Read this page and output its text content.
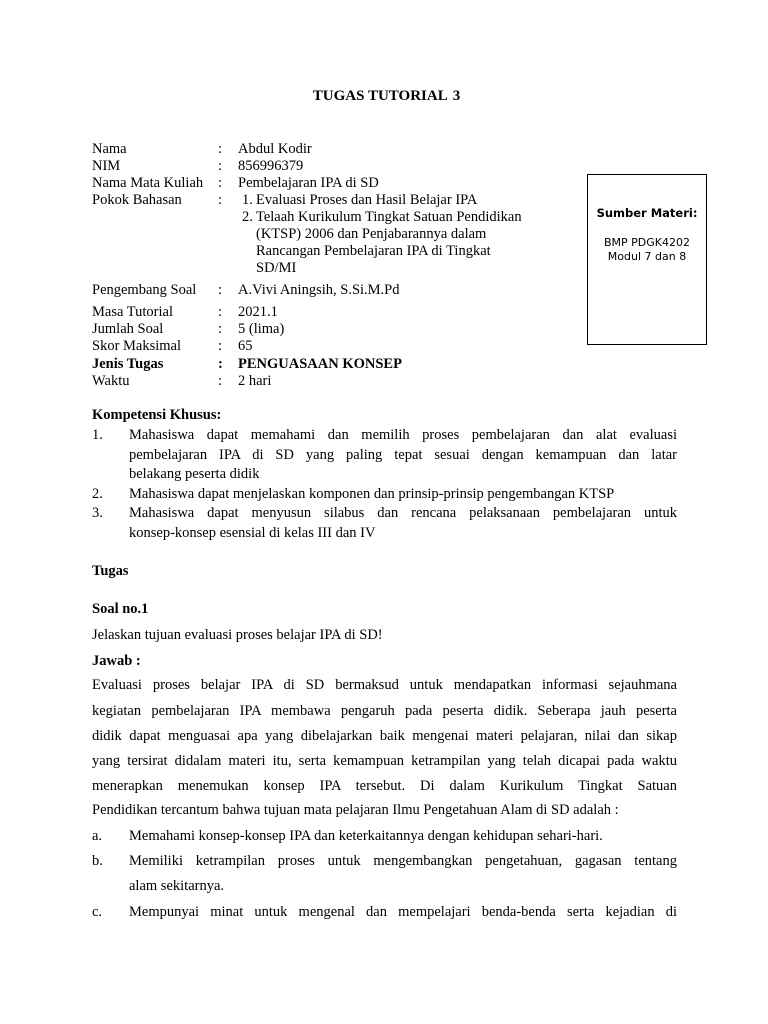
TUGAS TUTORIAL 3
Nama	: Abdul Kodir
NIM	: 856996379
Nama Mata Kuliah : Pembelajaran IPA di SD
Pokok Bahasan : 1. Evaluasi Proses dan Hasil Belajar IPA
2. Telaah Kurikulum Tingkat Satuan Pendidikan
(KTSP) 2006 dan Penjabarannya dalam
Rancangan Pembelajaran IPA di Tingkat
SD/MI
Pengembang Soal : A.Vivi Aningsih, S.Si.M.Pd
Masa Tutorial	: 2021.1
Jumlah Soal	: 5 (lima)
Skor Maksimal	: 65
Jenis Tugas	: PENGUASAAN KONSEP
Waktu	: 2 hari
Sumber Materi:
BMP PDGK4202
Modul 7 dan 8
Kompetensi Khusus:
1. Mahasiswa dapat memahami dan memilih proses pembelajaran dan alat evaluasi
pembelajaran IPA di SD yang paling tepat sesuai dengan kemampuan dan latar
belakang peserta didik
2. Mahasiswa dapat menjelaskan komponen dan prinsip-prinsip pengembangan KTSP
3. Mahasiswa dapat menyusun silabus dan rencana pelaksanaan pembelajaran untuk
konsep-konsep esensial di kelas III dan IV
Tugas
Soal no.1
Jelaskan tujuan evaluasi proses belajar IPA di SD!
Jawab :
Evaluasi proses belajar IPA di SD bermaksud untuk mendapatkan informasi sejauhmana
kegiatan pembelajaran IPA membawa pengaruh pada peserta didik. Seberapa jauh peserta
didik dapat menguasai apa yang dibelajarkan baik mengenai materi pelajaran, nilai dan sikap
yang tersirat didalam materi itu, serta kemampuan ketrampilan yang telah dicapai pada waktu
menerapkan menemukan konsep IPA tersebut. Di dalam Kurikulum Tingkat Satuan
Pendidikan tercantum bahwa tujuan mata pelajaran Ilmu Pengetahuan Alam di SD adalah :
a. Memahami konsep-konsep IPA dan keterkaitannya dengan kehidupan sehari-hari.
b. Memiliki ketrampilan proses untuk mengembangkan pengetahuan, gagasan tentang
alam sekitarnya.
c. Mempunyai minat untuk mengenal dan mempelajari benda-benda serta kejadian di
